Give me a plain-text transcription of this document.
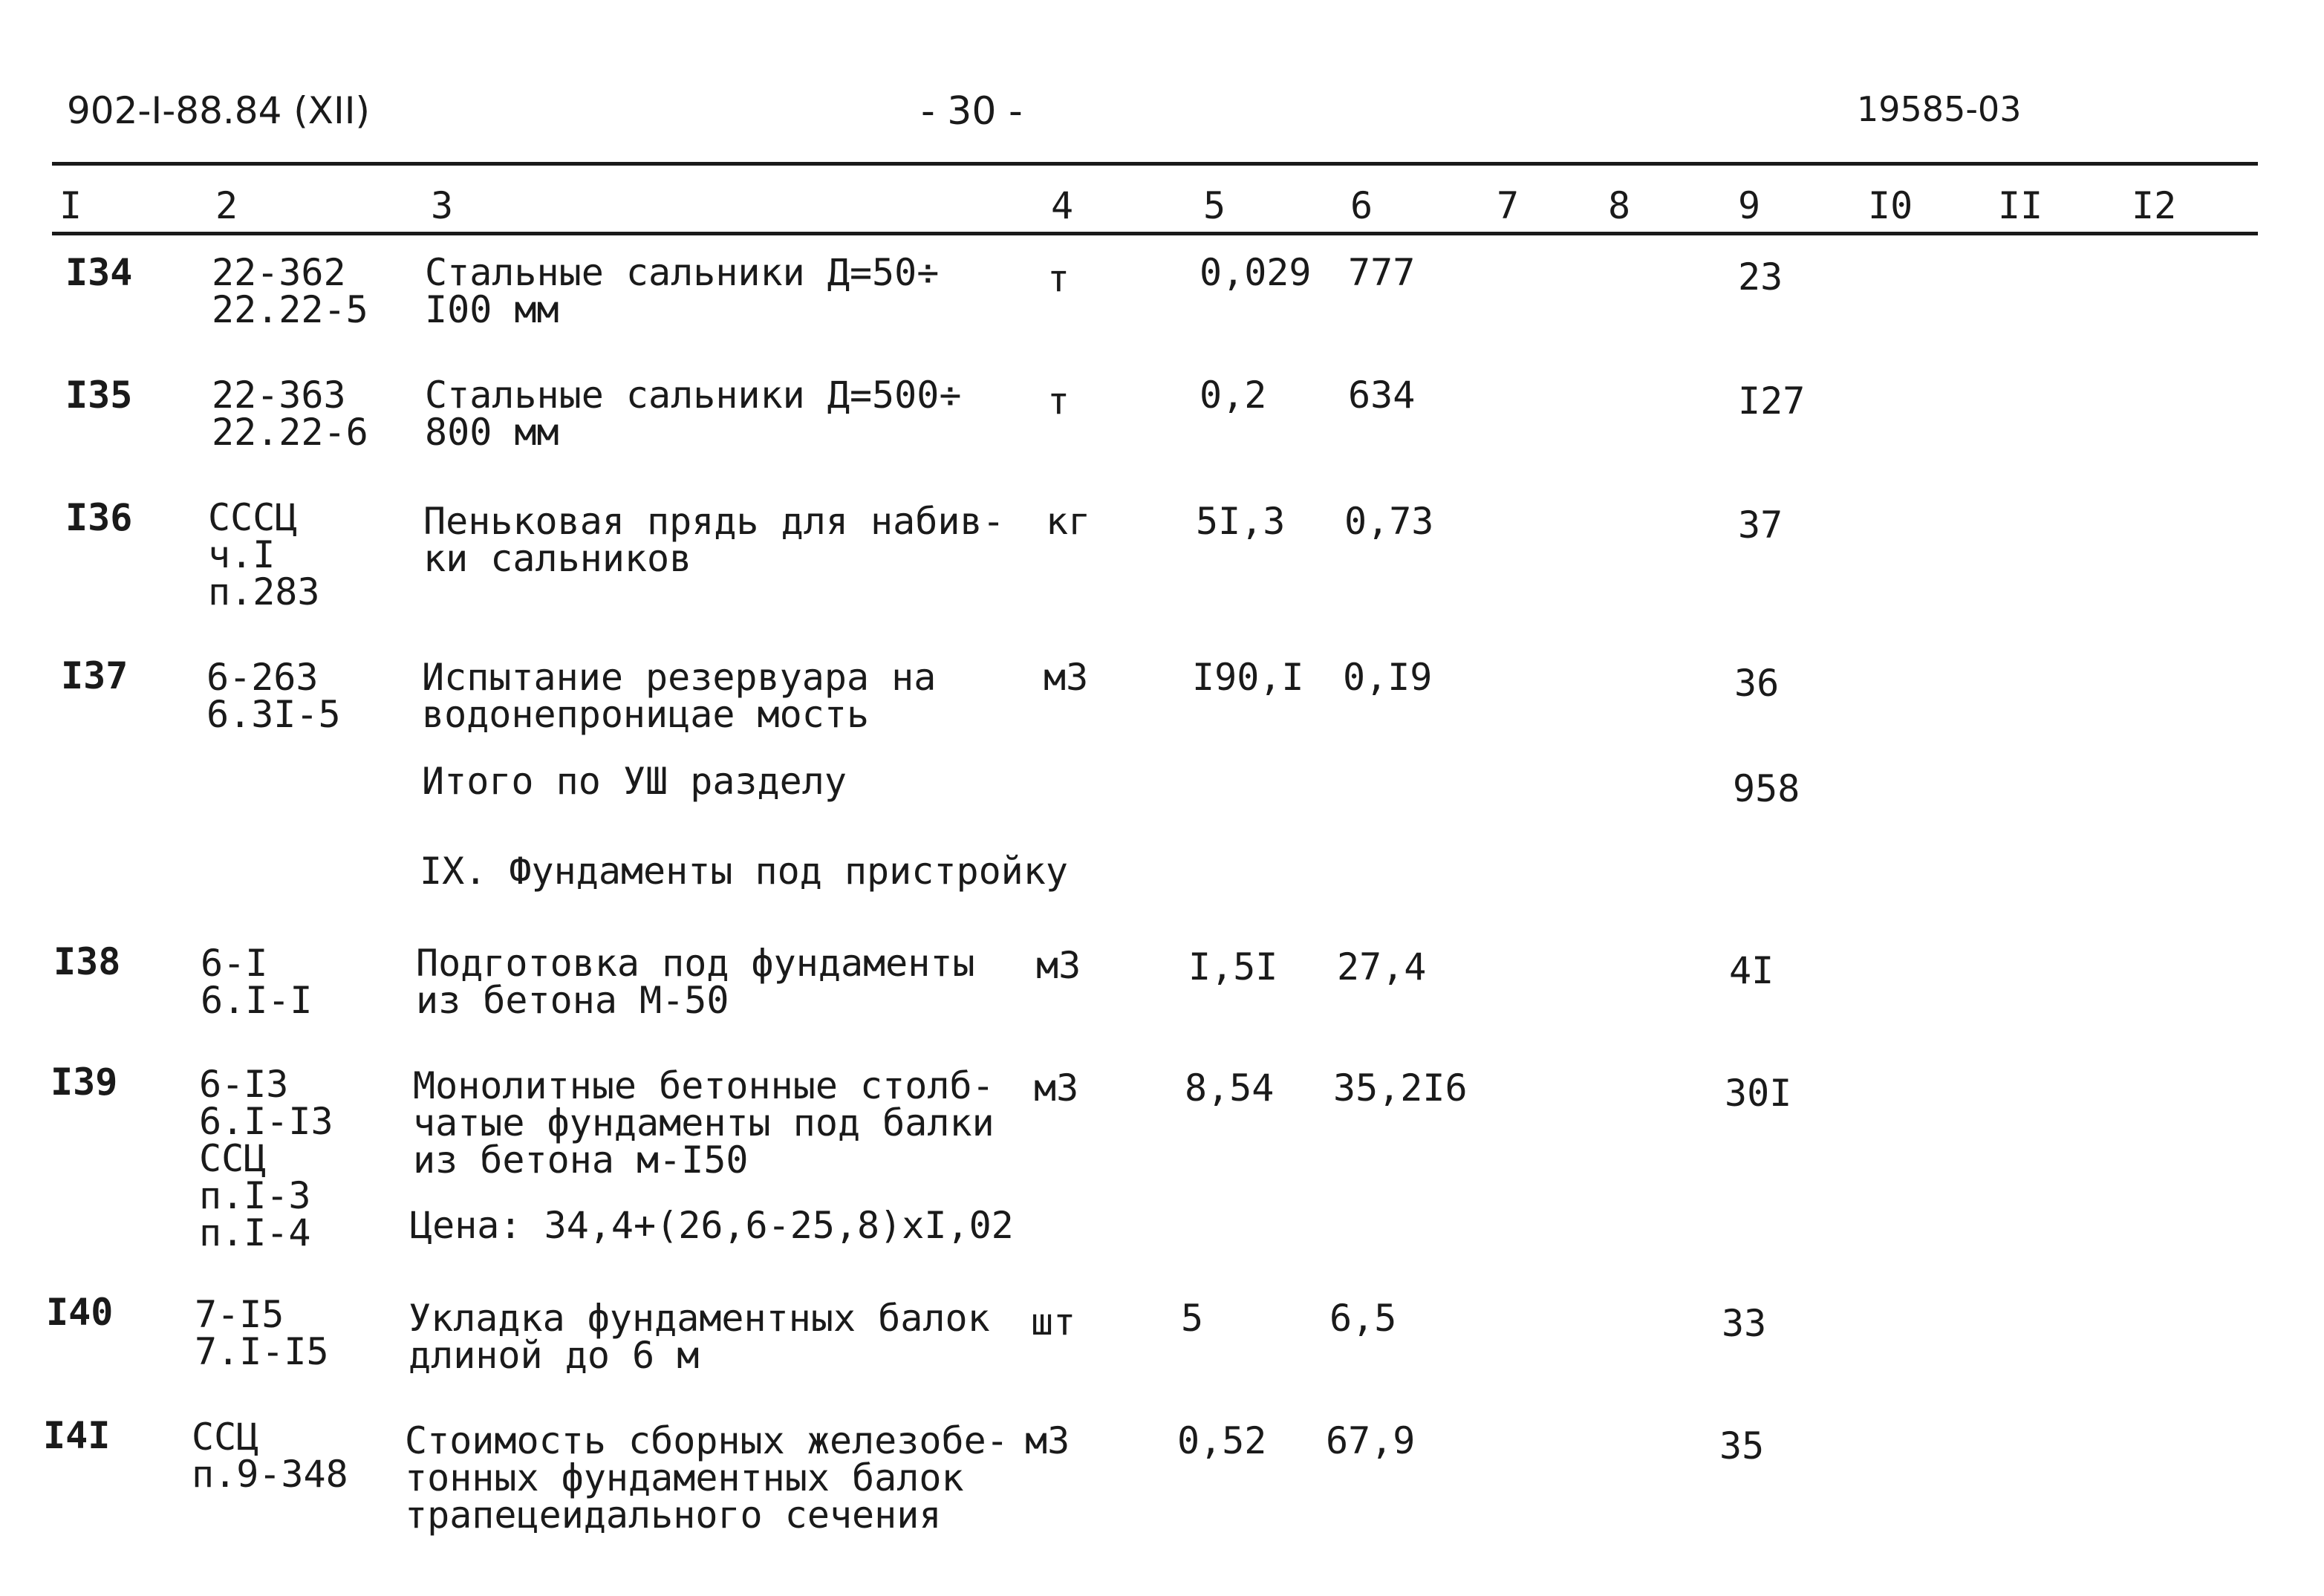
902-I-88.84 (XII)	- 30 -	19585-03
I	2	3	4	5	6	7 8	9	I0 II I2
I34 22-362
22.22-5
Стальные сальники Д=50÷
I00 мм
т	0,029 777	23
I35 22-363
22.22-6
Стальные сальники Д=500÷
800 мм
т	0,2 634	I27
I36 СССЦ
ч.I
п.283
Пеньковая прядь для набив-
ки сальников
кг	5I,3 0,73	37
I37 6-263
6.3I-5
Испытание резервуара на
водонепроницае мость
м3	I90,I 0,I9	36
Итого по УШ разделу	958
IX. Фундаменты под пристройку
I38 6-I
6.I-I
Подготовка под фундаменты
из бетона М-50
м3	I,5I 27,4	4I
I39 6-I3
6.I-I3
ССЦ
п.I-3
п.I-4
Монолитные бетонные столб-
чатые фундаменты под балки
из бетона м-I50
м3	8,54 35,2I6	30I
Цена: 34,4+(26,6-25,8)xI,02
I40 7-I5
7.I-I5
Укладка фундаментных балок
длиной до 6 м
шт	5	6,5	33
I4I ССЦ
п.9-348
Стоимость сборных железобе-
тонных фундаментных балок
трапецеидального сечения
м3	0,52 67,9	35
